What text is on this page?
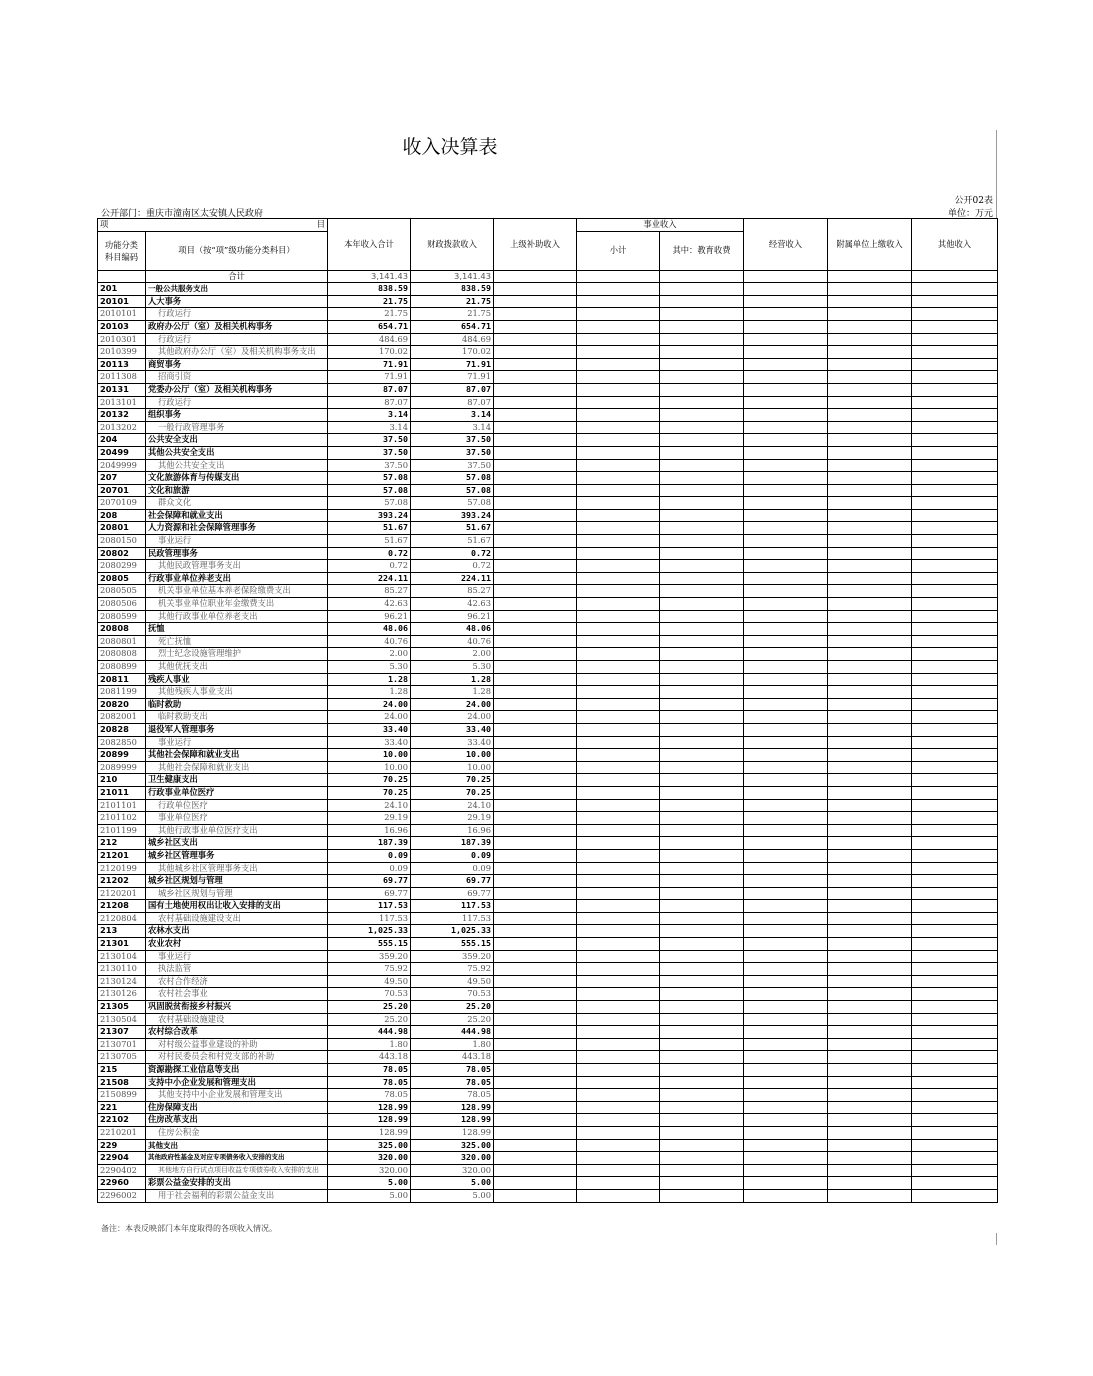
收入决算表
公开02表
公开部门：重庆市潼南区太安镇人民政府	单位：万元
项 目		本年收入合计	财政拨款收入	上级补助收入	事业收入		经营收入	附属单位上缴收入	其他收入
功能分类
科目编码	项目（按“项”级功能分类科目）				小计	其中：教育收费			
	合计	3,141.43	3,141.43						
201	一般公共服务支出	838.59	838.59						
20101	人大事务	21.75	21.75						
2010101	行政运行	21.75	21.75						
20103	政府办公厅（室）及相关机构事务	654.71	654.71						
2010301	行政运行	484.69	484.69						
2010399	其他政府办公厅（室）及相关机构事务支出	170.02	170.02						
20113	商贸事务	71.91	71.91						
2011308	招商引资	71.91	71.91						
20131	党委办公厅（室）及相关机构事务	87.07	87.07						
2013101	行政运行	87.07	87.07						
20132	组织事务	3.14	3.14						
2013202	一般行政管理事务	3.14	3.14						
204	公共安全支出	37.50	37.50						
20499	其他公共安全支出	37.50	37.50						
2049999	其他公共安全支出	37.50	37.50						
207	文化旅游体育与传媒支出	57.08	57.08						
20701	文化和旅游	57.08	57.08						
2070109	群众文化	57.08	57.08						
208	社会保障和就业支出	393.24	393.24						
20801	人力资源和社会保障管理事务	51.67	51.67						
2080150	事业运行	51.67	51.67						
20802	民政管理事务	0.72	0.72						
2080299	其他民政管理事务支出	0.72	0.72						
20805	行政事业单位养老支出	224.11	224.11						
2080505	机关事业单位基本养老保险缴费支出	85.27	85.27						
2080506	机关事业单位职业年金缴费支出	42.63	42.63						
2080599	其他行政事业单位养老支出	96.21	96.21						
20808	抚恤	48.06	48.06						
2080801	死亡抚恤	40.76	40.76						
2080808	烈士纪念设施管理维护	2.00	2.00						
2080899	其他优抚支出	5.30	5.30						
20811	残疾人事业	1.28	1.28						
2081199	其他残疾人事业支出	1.28	1.28						
20820	临时救助	24.00	24.00						
2082001	临时救助支出	24.00	24.00						
20828	退役军人管理事务	33.40	33.40						
2082850	事业运行	33.40	33.40						
20899	其他社会保障和就业支出	10.00	10.00						
2089999	其他社会保障和就业支出	10.00	10.00						
210	卫生健康支出	70.25	70.25						
21011	行政事业单位医疗	70.25	70.25						
2101101	行政单位医疗	24.10	24.10						
2101102	事业单位医疗	29.19	29.19						
2101199	其他行政事业单位医疗支出	16.96	16.96						
212	城乡社区支出	187.39	187.39						
21201	城乡社区管理事务	0.09	0.09						
2120199	其他城乡社区管理事务支出	0.09	0.09						
21202	城乡社区规划与管理	69.77	69.77						
2120201	城乡社区规划与管理	69.77	69.77						
21208	国有土地使用权出让收入安排的支出	117.53	117.53						
2120804	农村基础设施建设支出	117.53	117.53						
213	农林水支出	1,025.33	1,025.33						
21301	农业农村	555.15	555.15						
2130104	事业运行	359.20	359.20						
2130110	执法监管	75.92	75.92						
2130124	农村合作经济	49.50	49.50						
2130126	农村社会事业	70.53	70.53						
21305	巩固脱贫衔接乡村振兴	25.20	25.20						
2130504	农村基础设施建设	25.20	25.20						
21307	农村综合改革	444.98	444.98						
2130701	对村级公益事业建设的补助	1.80	1.80						
2130705	对村民委员会和村党支部的补助	443.18	443.18						
215	资源勘探工业信息等支出	78.05	78.05						
21508	支持中小企业发展和管理支出	78.05	78.05						
2150899	其他支持中小企业发展和管理支出	78.05	78.05						
221	住房保障支出	128.99	128.99						
22102	住房改革支出	128.99	128.99						
2210201	住房公积金	128.99	128.99						
229	其他支出	325.00	325.00						
22904	其他政府性基金及对应专项债务收入安排的支出	320.00	320.00						
2290402	其他地方自行试点项目收益专项债券收入安排的支出	320.00	320.00						
22960	彩票公益金安排的支出	5.00	5.00						
2296002	用于社会福利的彩票公益金支出	5.00	5.00						
备注：本表反映部门本年度取得的各项收入情况。
